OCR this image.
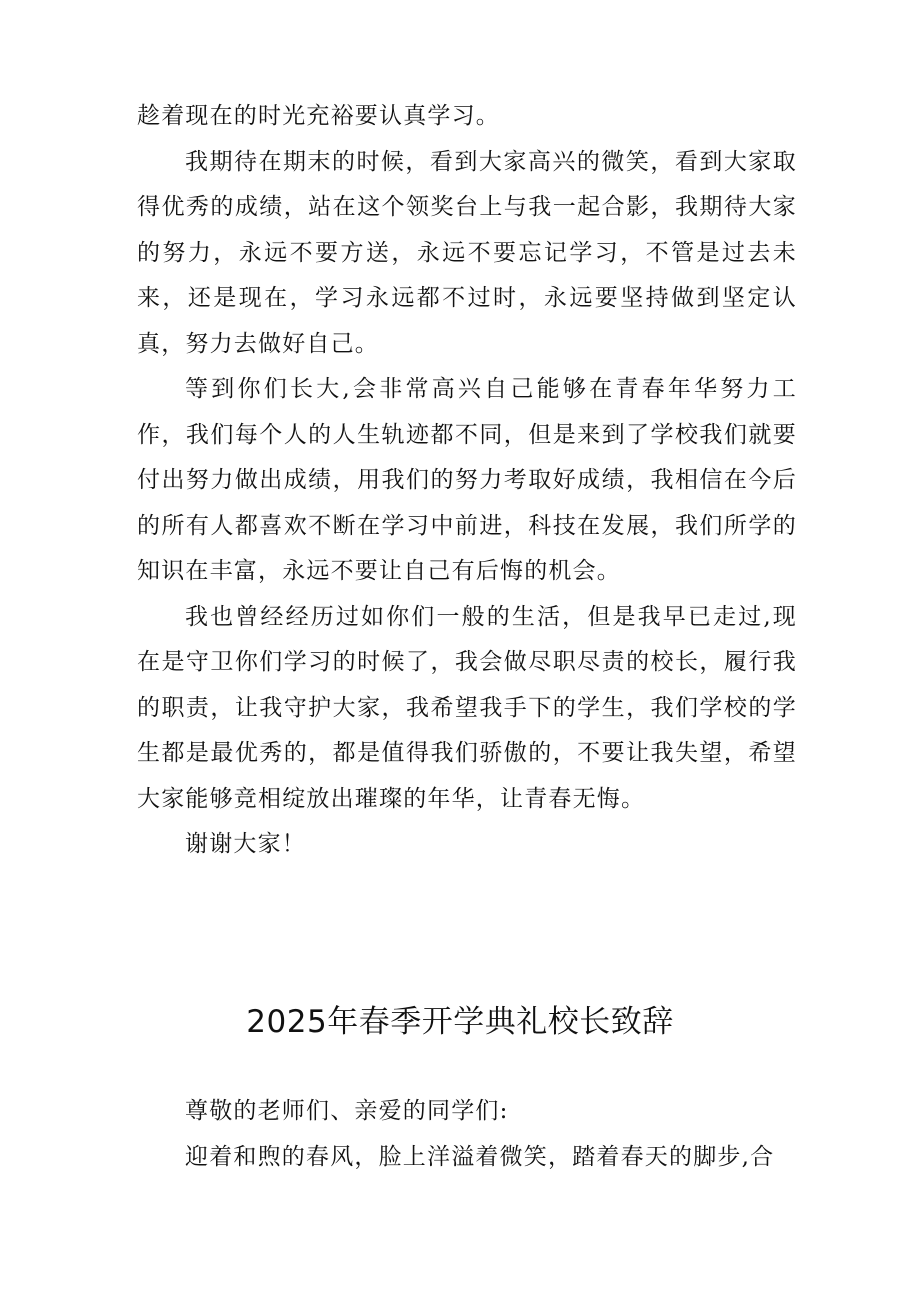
趁着现在的时光充裕要认真学习。

我期待在期末的时候，看到大家高兴的微笑，看到大家取得优秀的成绩，站在这个领奖台上与我一起合影，我期待大家的努力，永远不要方送，永远不要忘记学习，不管是过去未来，还是现在，学习永远都不过时，永远要坚持做到坚定认真，努力去做好自己。

等到你们长大,会非常高兴自己能够在青春年华努力工作，我们每个人的人生轨迹都不同，但是来到了学校我们就要付出努力做出成绩，用我们的努力考取好成绩，我相信在今后的所有人都喜欢不断在学习中前进，科技在发展，我们所学的知识在丰富，永远不要让自己有后悔的机会。

我也曾经经历过如你们一般的生活，但是我早已走过,现在是守卫你们学习的时候了，我会做尽职尽责的校长，履行我的职责，让我守护大家，我希望我手下的学生，我们学校的学生都是最优秀的，都是值得我们骄傲的，不要让我失望，希望大家能够竞相绽放出璀璨的年华，让青春无悔。

谢谢大家！

2025年春季开学典礼校长致辞

尊敬的老师们、亲爱的同学们:

迎着和煦的春风，脸上洋溢着微笑，踏着春天的脚步,合
